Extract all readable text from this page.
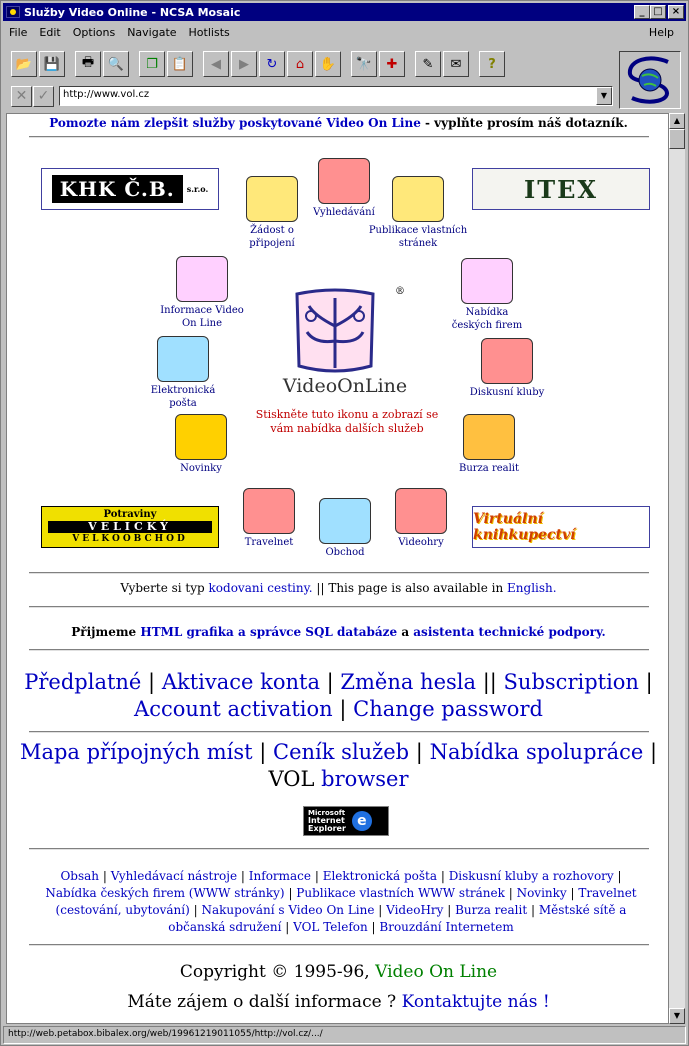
Služby Video Online - NCSA Mosaic	_ □ ×
File	Edit	Options	Navigate	Hotlists	Help
📂 💾	🖶	🔍	❐	📋	◀	▶	↻	⌂	✋	🔭	✚	✎	✉	?
✕ ✓	http://www.vol.cz	▼
Pomozte nám zlepšit služby poskytované Video On Line - vyplňte prosím náš dotazník.
KHK Č.B.	s.r.o.	ITEX
Potraviny
VELICKÝ
VELKOOBCHOD
Virtuální knihkupectví
Žádost o připojení
Vyhledávání
Publikace vlastních stránek
Informace Video On Line
Nabídka českých firem
Elektronická pošta
Diskusní kluby
Novinky	Burza realit
Travelnet
Obchod
Videohry
®
VideoOnLine
Stiskněte tuto ikonu a zobrazí se vám nabídka dalších služeb
Vyberte si typ kodovani cestiny. || This page is also available in English.
Přijmeme HTML grafika a správce SQL databáze a asistenta technické podpory.
Předplatné | Aktivace konta | Změna hesla || Subscription |
Account activation | Change password
Mapa přípojných míst | Ceník služeb | Nabídka spolupráce |
VOL browser
Microsoft
Internet
Explorer e
Obsah | Vyhledávací nástroje | Informace | Elektronická pošta | Diskusní kluby a rozhovory | Nabídka českých firem (WWW stránky) | Publikace vlastních WWW stránek | Novinky | Travelnet (cestování, ubytování) | Nakupování s Video On Line | VideoHry | Burza realit | Městské sítě a občanská sdružení | VOL Telefon | Brouzdání Internetem
Copyright © 1995-96, Video On Line
Máte zájem o další informace ? Kontaktujte nás !
▲
▼
http://web.petabox.bibalex.org/web/19961219011055/http://vol.cz/.../
